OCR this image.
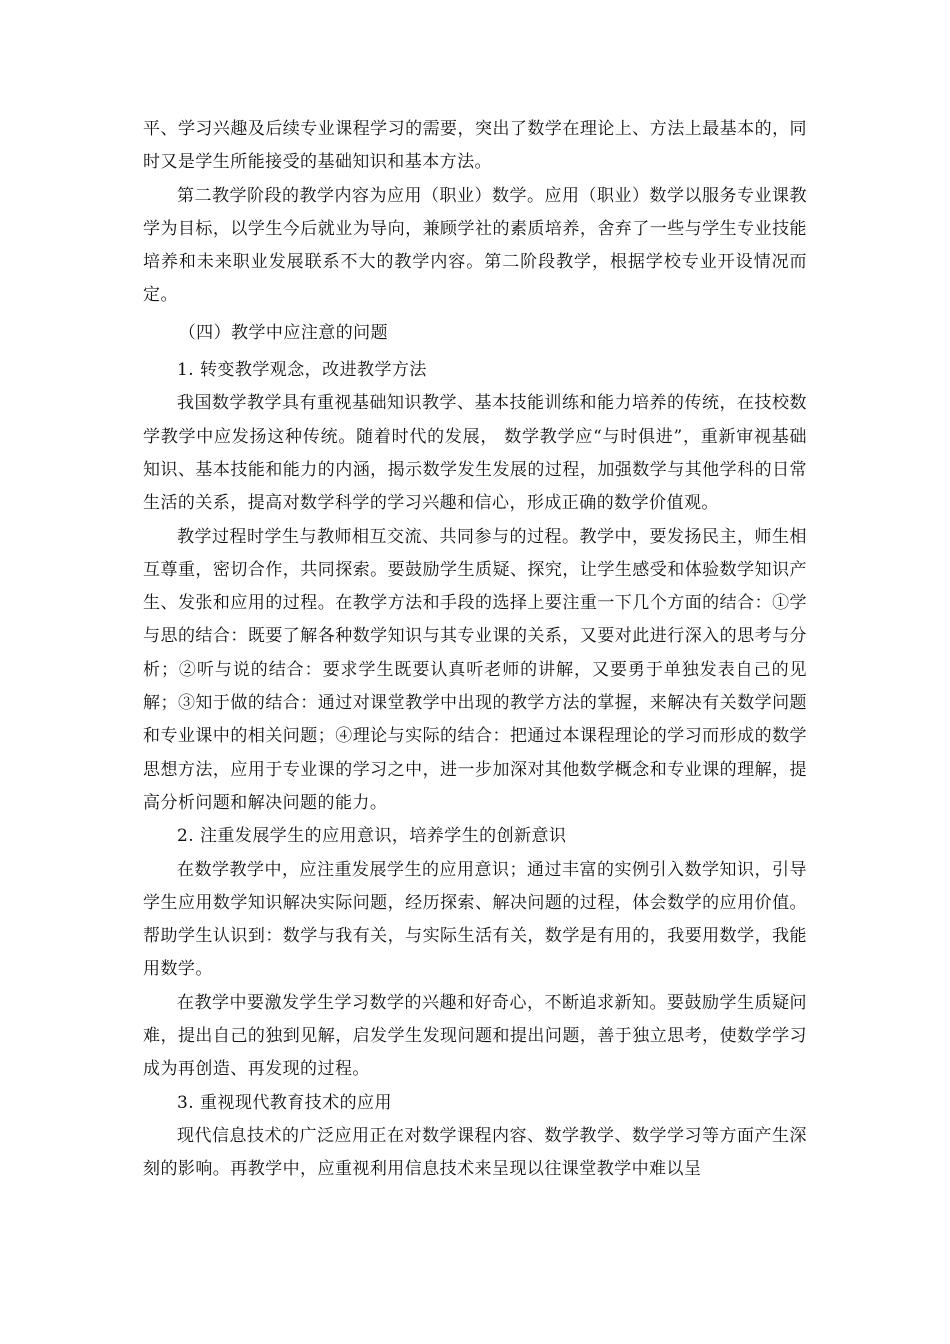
平、学习兴趣及后续专业课程学习的需要，突出了数学在理论上、方法上最基本的，同时又是学生所能接受的基础知识和基本方法。

第二教学阶段的教学内容为应用（职业）数学。应用（职业）数学以服务专业课教学为目标，以学生今后就业为导向，兼顾学社的素质培养，舍弃了一些与学生专业技能培养和未来职业发展联系不大的教学内容。第二阶段教学，根据学校专业开设情况而定。

（四）教学中应注意的问题

1. 转变教学观念，改进教学方法

我国数学教学具有重视基础知识教学、基本技能训练和能力培养的传统，在技校数学教学中应发扬这种传统。随着时代的发展， 数学教学应“与时俱进”，重新审视基础知识、基本技能和能力的内涵，揭示数学发生发展的过程，加强数学与其他学科的日常生活的关系，提高对数学科学的学习兴趣和信心，形成正确的数学价值观。

教学过程时学生与教师相互交流、共同参与的过程。教学中，要发扬民主，师生相互尊重，密切合作，共同探索。要鼓励学生质疑、探究，让学生感受和体验数学知识产生、发张和应用的过程。在教学方法和手段的选择上要注重一下几个方面的结合：①学与思的结合：既要了解各种数学知识与其专业课的关系，又要对此进行深入的思考与分析；②听与说的结合：要求学生既要认真听老师的讲解，又要勇于单独发表自己的见解；③知于做的结合：通过对课堂教学中出现的教学方法的掌握，来解决有关数学问题和专业课中的相关问题；④理论与实际的结合：把通过本课程理论的学习而形成的数学思想方法，应用于专业课的学习之中，进一步加深对其他数学概念和专业课的理解，提高分析问题和解决问题的能力。

2. 注重发展学生的应用意识，培养学生的创新意识

在数学教学中，应注重发展学生的应用意识；通过丰富的实例引入数学知识，引导学生应用数学知识解决实际问题，经历探索、解决问题的过程，体会数学的应用价值。帮助学生认识到：数学与我有关，与实际生活有关，数学是有用的，我要用数学，我能用数学。

在教学中要激发学生学习数学的兴趣和好奇心，不断追求新知。要鼓励学生质疑问难，提出自己的独到见解，启发学生发现问题和提出问题，善于独立思考，使数学学习成为再创造、再发现的过程。

3. 重视现代教育技术的应用

现代信息技术的广泛应用正在对数学课程内容、数学教学、数学学习等方面产生深刻的影响。再教学中，应重视利用信息技术来呈现以往课堂教学中难以呈
